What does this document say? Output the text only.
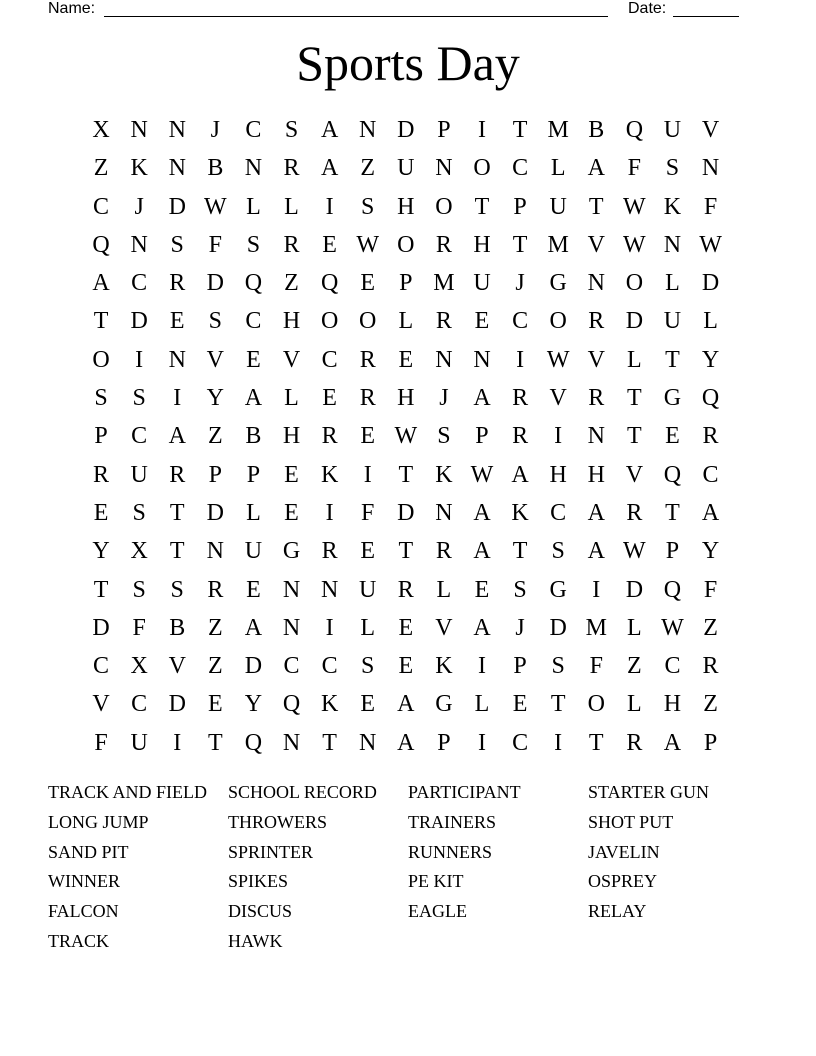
Name:	Date:
Sports Day
X N N	J	C S A N D P	I	T M B Q U V
Z K N B N R A Z U N O C L A F	S N
C	J	D W L L	I	S H O T	P U T W K F
Q N S	F	S R E W O R H T M V W N W
A C R D Q Z Q E	P M U	J	G N O L D
T D E	S C H O O L R E C O R D U L
O	I	N V E V C R E N N	I W V L T Y
S	S	I	Y A L E R H	J	A R V R T G Q
P C A Z B H R E W S	P R	I	N T E R
R U R P	P	E K	I	T K W A H H V Q C
E	S	T D L E	I	F D N A K C A R T A
Y X T N U G R E T R A T	S A W P Y
T	S	S R E N N U R L E	S G	I	D Q F
D F B Z A N	I	L E V A	J	D M L W Z
C X V Z D C C S	E K	I	P	S	F	Z C R
V C D E Y Q K E A G L E T O L H Z
F U	I	T Q N T N A P	I	C	I	T R A P
TRACK AND FIELD	SCHOOL RECORD	PARTICIPANT	STARTER GUN
LONG JUMP	THROWERS	TRAINERS	SHOT PUT
SAND PIT	SPRINTER	RUNNERS	JAVELIN
WINNER	SPIKES	PE KIT	OSPREY
FALCON	DISCUS	EAGLE	RELAY
TRACK	HAWK
